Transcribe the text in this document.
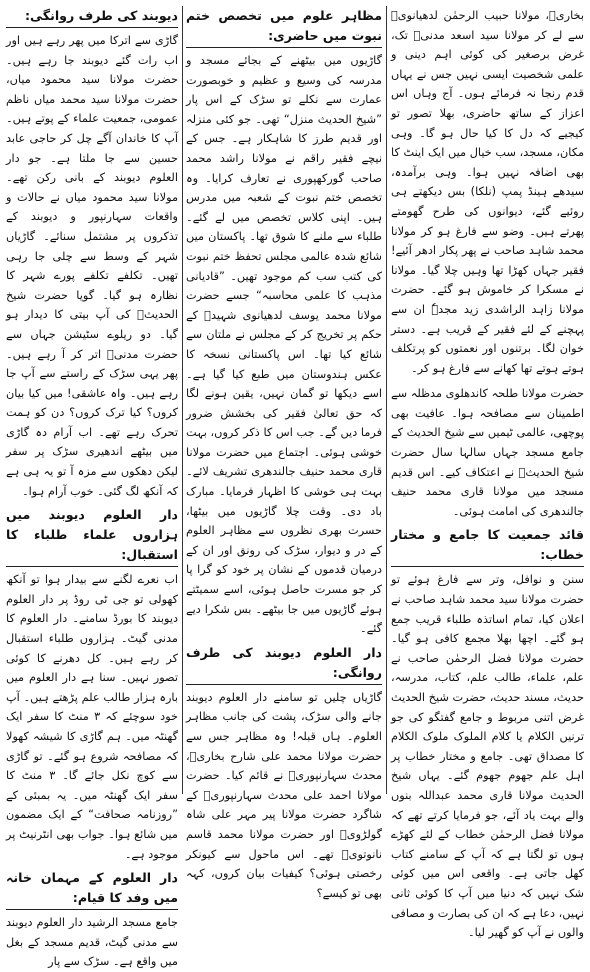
بخاریؒ، مولانا حبیب الرحمٰن لدھیانویؒ سے لے کر مولانا سید اسعد مدنیؒ تک، غرض برصغیر کی کوئی اہم دینی و علمی شخصیت ایسی نہیں جس نے یہاں قدم رنجا نہ فرمائے ہوں۔ آج وہاں اس اعزاز کے ساتھ حاضری، بھلا تصور تو کیجیے کہ دل کا کیا حال ہو گا۔ وہی مکان، مسجد، سب خیال میں ایک اینٹ کا بھی اضافہ نہیں ہوا۔ وہی برآمدہ، سیدھے ہینڈ پمپ (نلکا) بس دیکھتے ہی روئیے گئے، دیوانوں کی طرح گھومتے پھرتے ہیں۔ وضو سے فارغ ہو کر مولانا محمد شاہد صاحب نے پھر پکار ادھر آئیے! فقیر جہاں کھڑا تھا وہیں چلا گیا۔ مولانا نے مسکرا کر خاموش ہو گئے۔ حضرت مولانا زاہد الراشدی زید مجدہٗ ان سے پہچنے کے لئے فقیر کے قریب ہے۔ دستر خوان لگا۔ برتنوں اور نعمتوں کو پرتکلف ہوتے ہوتے تھا کھانے سے فارغ ہو کر۔

حضرت مولانا طلحہ کاندھلوی مدظلہ سے اطمینان سے مصافحہ ہوا۔ عافیت بھی پوچھی، عالمی ٹیمیں سے شیخ الحدیث کے جامع مسجد جہاں سالہا سال حضرت شیخ الحدیثؒ نے اعتکاف کیے۔ اس قدیم مسجد میں مولانا قاری محمد حنیف جالندھری کی امامت ہوئی۔

قائد جمعیت کا جامع و مختار خطاب:

سنن و نوافل، وتر سے فارغ ہوئے تو حضرت مولانا سید محمد شاہد صاحب نے اعلان کیا، تمام اساتذہ طلباء قریب جمع ہو گئے۔ اچھا بھلا مجمع کافی ہو گیا۔ حضرت مولانا فضل الرحمٰن صاحب نے علم، علماء، طالب علم، کتاب، مدرسہ، حدیث، مسند حدیث، حضرت شیخ الحدیث غرض اتنی مربوط و جامع گفتگو کی جو ترنیں الکلام یا کلام الملوک ملوک الکلام کا مصداق تھی۔ جامع و مختار خطاب پر اہل علم جھوم جھوم گئے۔ یہاں شیخ الحدیث مولانا قاری محمد عبداللہ بنوں والے بہت یاد آئے، جو فرمایا کرتے تھے کہ مولانا فضل الرحمٰن خطاب کے لئے کھڑے ہوں تو لگتا ہے کہ آپ کے سامنے کتاب کھل جاتی ہے۔ واقعی اس میں کوئی شک نہیں کہ دنیا میں آپ کا کوئی ثانی نہیں، دعا ہے کہ ان کی بصارت و مصافی والوں نے آپ کو گھیر لیا۔

مظاہر علوم میں تخصص ختم نبوت میں حاضری:

گاڑیوں میں بیٹھنے کے بجائے مسجد و مدرسہ کی وسیع و عظیم و خوبصورت عمارت سے نکلے تو سڑک کے اس پار ”شیخ الحدیث منزل“ تھی۔ جو کئی منزلہ اور قدیم طرز کا شاہکار ہے۔ جس کے نیچے فقیر راقم نے مولانا راشد محمد صاحب گورکھپوری نے تعارف کرایا۔ وہ تخصص ختم نبوت کے شعبہ میں مدرس ہیں۔ اپنی کلاس تخصص میں لے گئے۔ طلباء سے ملنے کا شوق تھا۔ پاکستان میں شائع شدہ عالمی مجلس تحفظ ختم نبوت کی کتب سب کم موجود تھیں۔ ”قادیانی مذہب کا علمی محاسبہ“ جسے حضرت مولانا محمد یوسف لدھیانوی شہیدؒ کے حکم پر تخریج کر کے مجلس نے ملتان سے شائع کیا تھا۔ اس پاکستانی نسخہ کا عکس ہندوستان میں طبع کیا گیا ہے۔ اسے دیکھا تو گمان نہیں، یقین ہونے لگا کہ حق تعالیٰ فقیر کی بخشش ضرور فرما دیں گے۔ جب اس کا ذکر کروں، بہت خوشی ہوئی۔ اجتماع میں حضرت مولانا قاری محمد حنیف جالندھری تشریف لائے۔ بہت ہی خوشی کا اظہار فرمایا۔ مبارک باد دی۔ وقت چلا گاڑیوں میں بیٹھا، حسرت بھری نظروں سے مظاہر العلوم کے در و دیوار، سڑک کی رونق اور ان کے درمیان قدموں کے نشان پر خود کو گرا پا کر جو مسرت حاصل ہوئی، اسے سمیٹتے ہوئے گاڑیوں میں جا بیٹھے۔ بس شکرا دیے گئے۔

دار العلوم دیوبند کی طرف روانگی:

گاڑیاں چلیں تو سامنے دار العلوم دیوبند جانے والی سڑک، پشت کی جانب مظاہر العلوم۔ ہاں قبلہ! وہ مظاہر جس سے حضرت مولانا محمد علی شارح بخاریؒ، محدث سہارنپوریؒ نے قائم کیا۔ حضرت مولانا احمد علی محدث سہارنپوریؒ کے شاگرد حضرت مولانا پیر مہر علی شاہ گولڑویؒ اور حضرت مولانا محمد قاسم نانوتویؒ تھے۔ اس ماحول سے کیونکر رخصتی ہوئی؟ کیفیات بیان کروں، کہہ بھی تو کیسے؟

دیوبند کی طرف روانگی:

گاڑی سے اترکا میں پھر رہے ہیں اور اب رات گئے دیوبند جا رہے ہیں۔ حضرت مولانا سید محمود میاں، حضرت مولانا سید محمد میاں ناظم عمومی، جمعیت علماء کے پوتے ہیں۔ آپ کا خاندان آگے چل کر حاجی عابد حسین سے جا ملتا ہے۔ جو دار العلوم دیوبند کے بانی رکن تھے۔ مولانا سید محمود میاں نے حالات و واقعات سہارنپور و دیوبند کے تذکروں پر مشتمل سنائے۔ گاڑیاں شہر کے وسط سے چلی جا رہی تھیں۔ تکلفے تکلفے پورے شہر کا نظارہ ہو گیا۔ گویا حضرت شیخ الحدیثؒ کی آپ بیتی کا دیدار ہو گیا۔ دو ریلوے سٹیشن جہاں سے حضرت مدنیؒ اتر کر آ رہے ہیں۔ پھر یہی سڑک کے راستے سے آپ جا رہے ہیں۔ واہ عاشقی! میں کیا بیان کروں؟ کیا ترک کروں؟ دن کو ہمت تحرک رہے تھے۔ اب آرام دہ گاڑی میں بیٹھے اندھیری سڑک پر سفر لیکن دھکوں سے مزہ آ تو یہ ہی ہے کہ آنکھ لگ گئی۔ خوب آرام ہوا۔

دار العلوم دیوبند میں ہزاروں علماء طلباء کا استقبال:

اب نعرے لگنے سے بیدار ہوا تو آنکھ کھولی تو جی ٹی روڈ پر دار العلوم دیوبند کا بورڈ سامنے۔ دار العلوم کا مدنی گیٹ۔ ہزاروں طلباء استقبال کر رہے ہیں۔ کل دھرنے کا کوئی تصور نہیں۔ سنا ہے دار العلوم میں بارہ ہزار طالب علم پڑھتے ہیں۔ آپ خود سوچئے کہ ۳ منٹ کا سفر ایک گھنٹہ میں۔ ہم گاڑی کا شیشہ کھولا کہ مصافحہ شروع ہو گئے۔ تو گاڑی سے کوچ نکل جائے گا۔ ۳ منٹ کا سفر ایک گھنٹہ میں۔ یہ بمبئی کے ”روزنامہ صحافت“ کے ایک مضمون میں شائع ہوا۔ جواب بھی انٹرنیٹ پر موجود ہے۔

دار العلوم کے مہمان خانہ میں وفد کا قیام:

جامع مسجد الرشید دار العلوم دیوبند سے مدنی گیٹ، قدیم مسجد کے بغل میں واقع ہے۔ سڑک سے پار
